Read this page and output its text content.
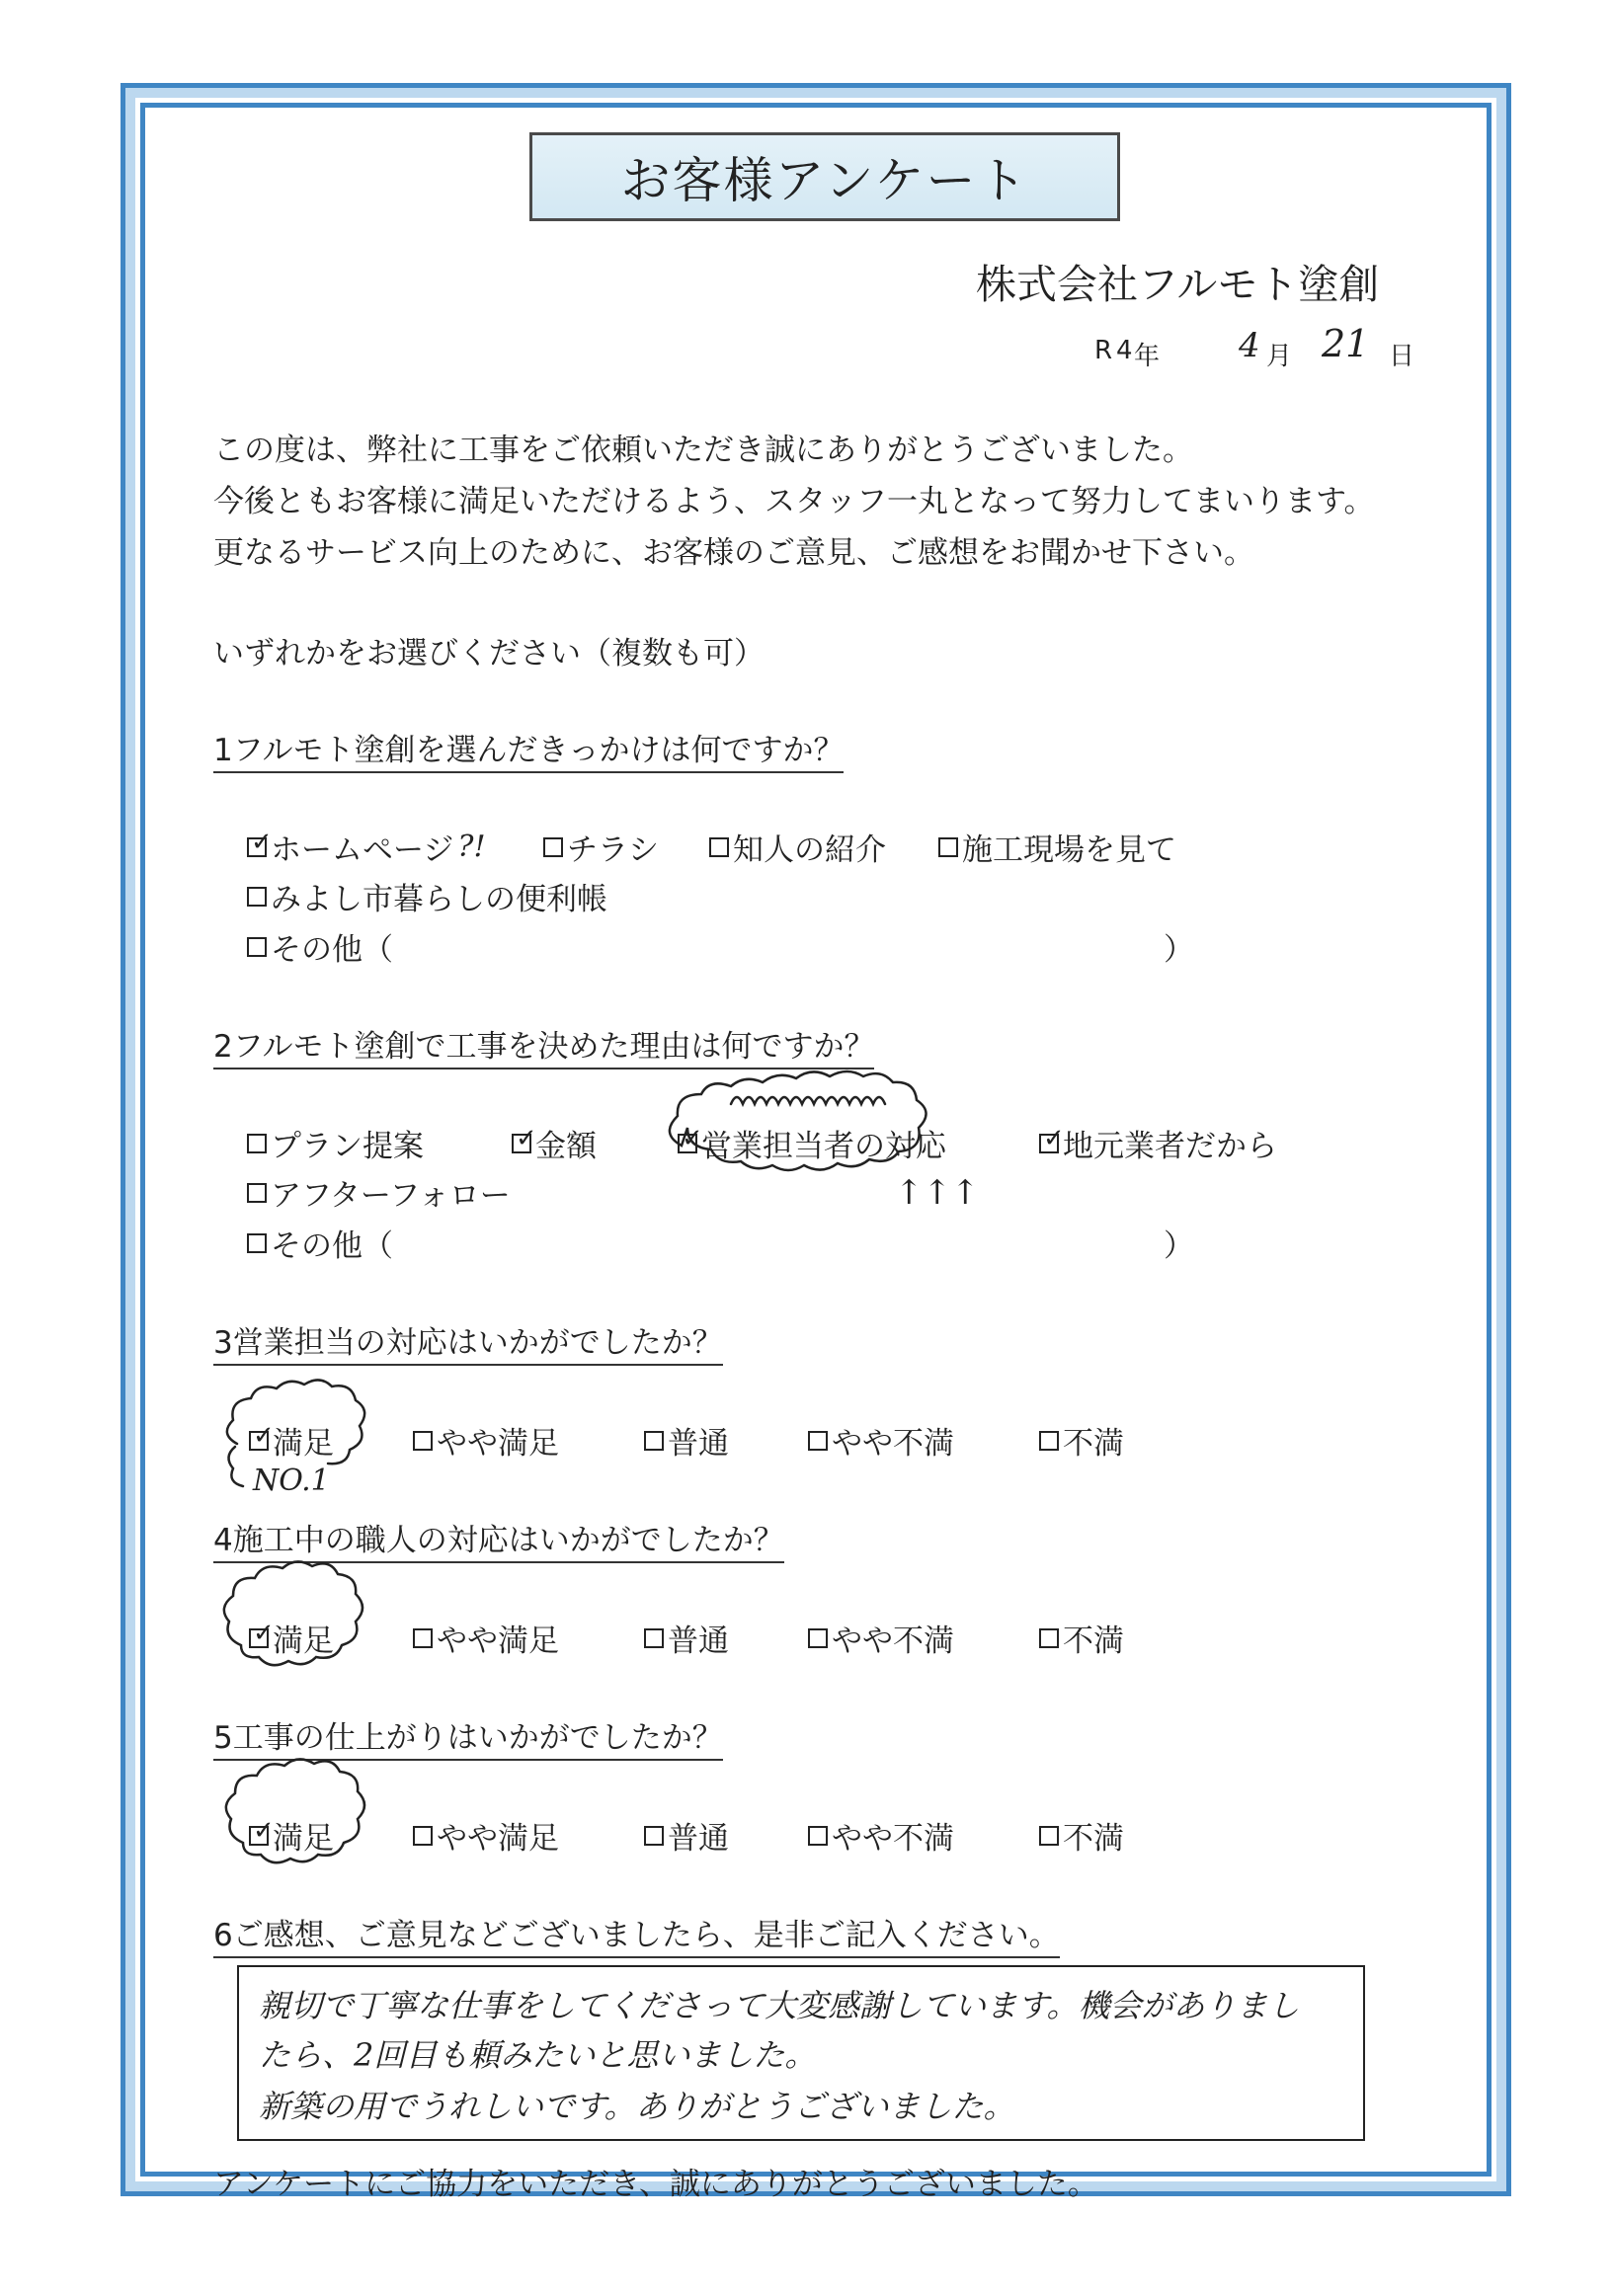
お客様アンケート
株式会社フルモト塗創
R 4 年 4 月 21 日
この度は、弊社に工事をご依頼いただき誠にありがとうございました。
今後ともお客様に満足いただけるよう、スタッフ一丸となって努力してまいります。
更なるサービス向上のために、お客様のご意見、ご感想をお聞かせ下さい。
いずれかをお選びください（複数も可）
1フルモト塗創を選んだきっかけは何ですか？
✓
ホームページ ?!	チラシ 知人の紹介 施工現場を見て
みよし市暮らしの便利帳
その他（	）
2フルモト塗創で工事を決めた理由は何ですか？
プラン提案	✓
金額	✓
営業担当者の対応	✓
地元業者だから
アフターフォロー
その他（	）
↑↑↑
3営業担当の対応はいかがでしたか？
✓
満足	やや満足	普通	やや不満	不満
NO.1
4施工中の職人の対応はいかがでしたか？
✓
満足	やや満足	普通	やや不満	不満
5工事の仕上がりはいかがでしたか？
✓
満足	やや満足	普通	やや不満	不満
6ご感想、ご意見などございましたら、是非ご記入ください。
親切で丁寧な仕事をしてくださって大変感謝しています。機会がありまし
たら、2回目も頼みたいと思いました。
新築の用でうれしいです。ありがとうございました。
アンケートにご協力をいただき、誠にありがとうございました。
